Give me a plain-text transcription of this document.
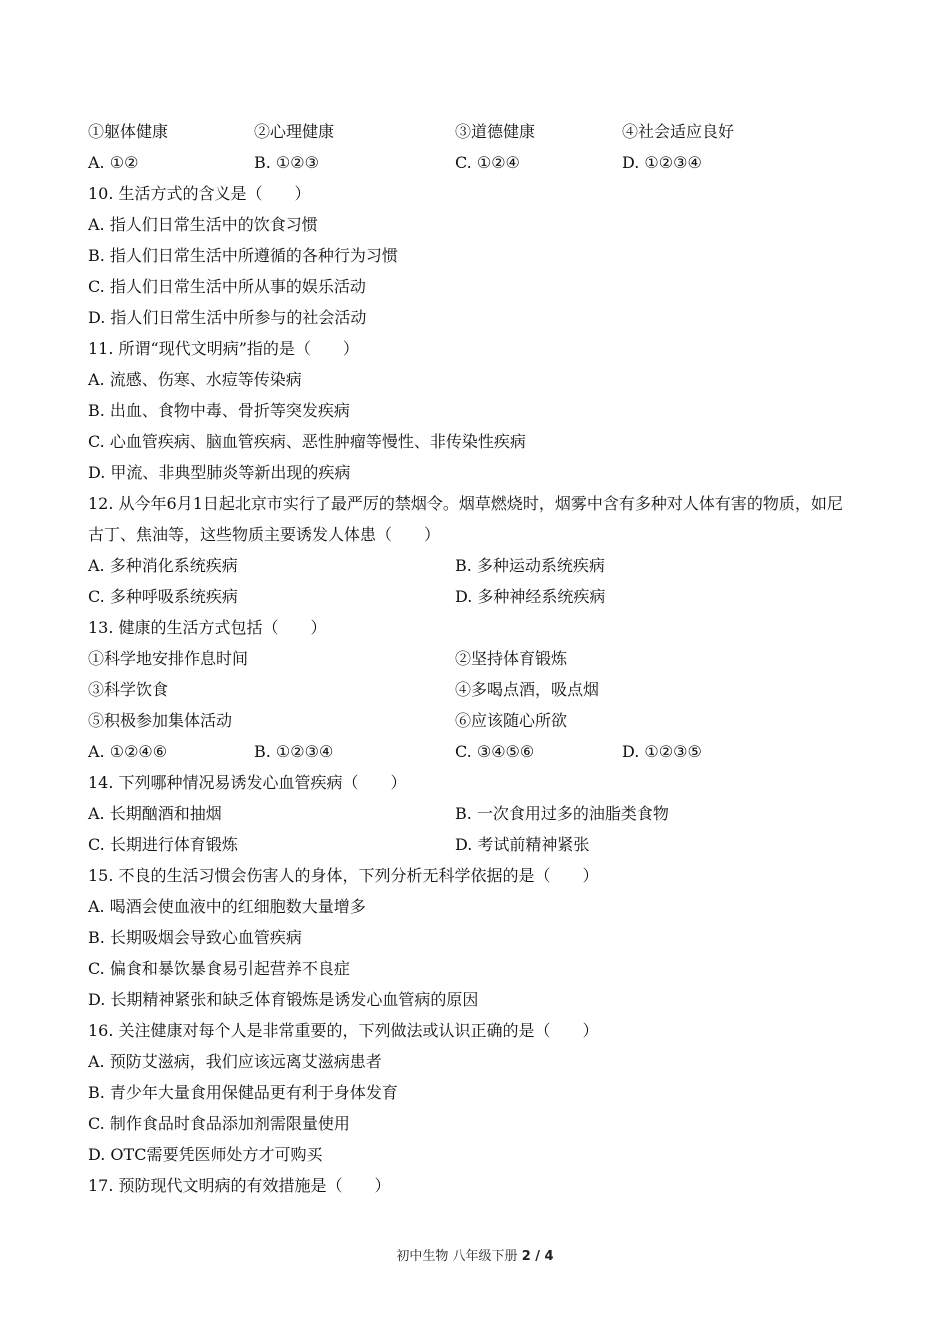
①躯体健康	②心理健康	③道德健康	④社会适应良好
A. ①②	B. ①②③	C. ①②④	D. ①②③④
10. 生活方式的含义是（　　）
A. 指人们日常生活中的饮食习惯
B. 指人们日常生活中所遵循的各种行为习惯
C. 指人们日常生活中所从事的娱乐活动
D. 指人们日常生活中所参与的社会活动
11. 所谓“现代文明病”指的是（　　）
A. 流感、伤寒、水痘等传染病
B. 出血、食物中毒、骨折等突发疾病
C. 心血管疾病、脑血管疾病、恶性肿瘤等慢性、非传染性疾病
D. 甲流、非典型肺炎等新出现的疾病
12. 从今年6月1日起北京市实行了最严厉的禁烟令。烟草燃烧时，烟雾中含有多种对人体有害的物质，如尼
古丁、焦油等，这些物质主要诱发人体患（　　）
A. 多种消化系统疾病	B. 多种运动系统疾病
C. 多种呼吸系统疾病	D. 多种神经系统疾病
13. 健康的生活方式包括（　　）
①科学地安排作息时间	②坚持体育锻炼
③科学饮食	④多喝点酒，吸点烟
⑤积极参加集体活动	⑥应该随心所欲
A. ①②④⑥	B. ①②③④	C. ③④⑤⑥	D. ①②③⑤
14. 下列哪种情况易诱发心血管疾病（　　）
A. 长期酗酒和抽烟	B. 一次食用过多的油脂类食物
C. 长期进行体育锻炼	D. 考试前精神紧张
15. 不良的生活习惯会伤害人的身体，下列分析无科学依据的是（　　）
A. 喝酒会使血液中的红细胞数大量增多
B. 长期吸烟会导致心血管疾病
C. 偏食和暴饮暴食易引起营养不良症
D. 长期精神紧张和缺乏体育锻炼是诱发心血管病的原因
16. 关注健康对每个人是非常重要的，下列做法或认识正确的是（　　）
A. 预防艾滋病，我们应该远离艾滋病患者
B. 青少年大量食用保健品更有利于身体发育
C. 制作食品时食品添加剂需限量使用
D. OTC需要凭医师处方才可购买
17. 预防现代文明病的有效措施是（　　）
初中生物 八年级下册 2 / 4
